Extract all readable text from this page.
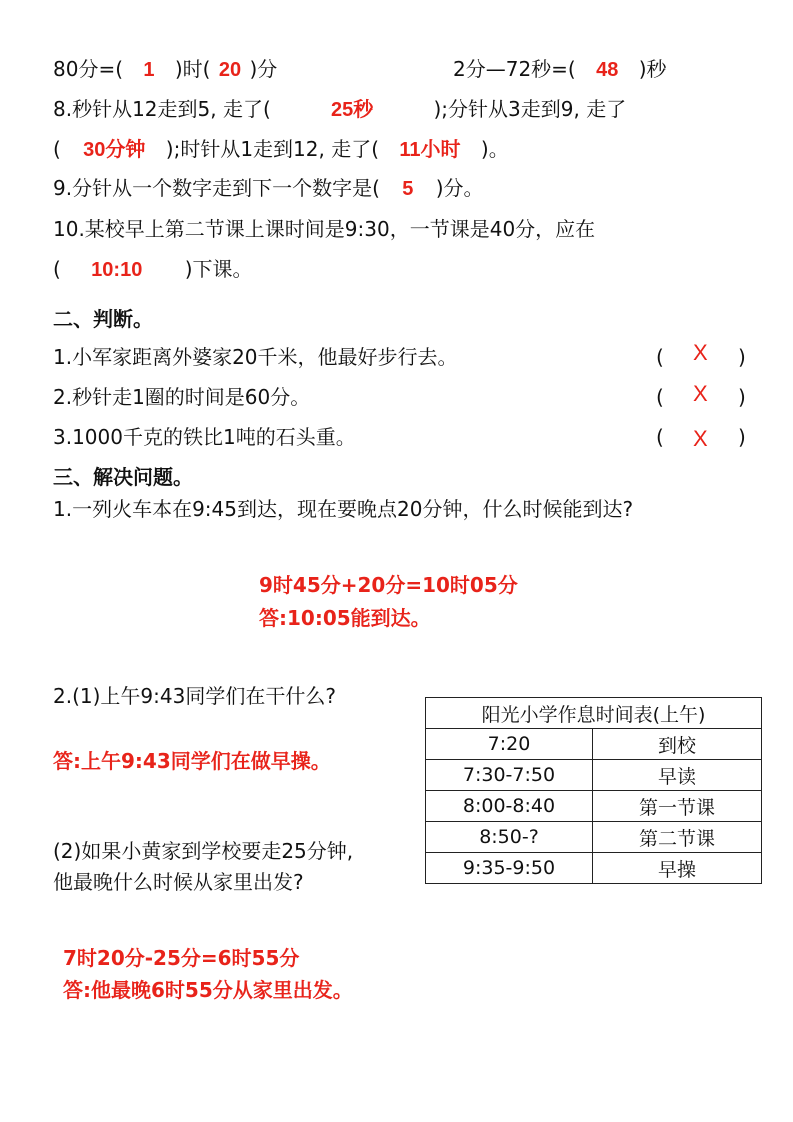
80分=( 1 )时( 20 )分	2分—72秒=( 48 )秒
8.秒针从12走到5, 走了(	25秒	);分针从3走到9, 走了
( 30分钟 );时针从1走到12, 走了( 11小时 )。
9.分针从一个数字走到下一个数字是( 5 )分。
10.某校早上第二节课上课时间是9:30，一节课是40分，应在
( 10:10 )下课。
二、判断。
1.小军家距离外婆家20千米，他最好步行去。	( X )
2.秒针走1圈的时间是60分。	( X )
3.1000千克的铁比1吨的石头重。	( X )
三、解决问题。
1.一列火车本在9:45到达，现在要晚点20分钟，什么时候能到达?
9时45分+20分=10时05分
答:10:05能到达。
2.(1)上午9:43同学们在干什么?
答:上午9:43同学们在做早操。
(2)如果小黄家到学校要走25分钟,
他最晚什么时候从家里出发?
7时20分-25分=6时55分
答:他最晚6时55分从家里出发。
阳光小学作息时间表(上午)	
7:20	到校
7:30-7:50	早读
8:00-8:40	第一节课
8:50-?	第二节课
9:35-9:50	早操
